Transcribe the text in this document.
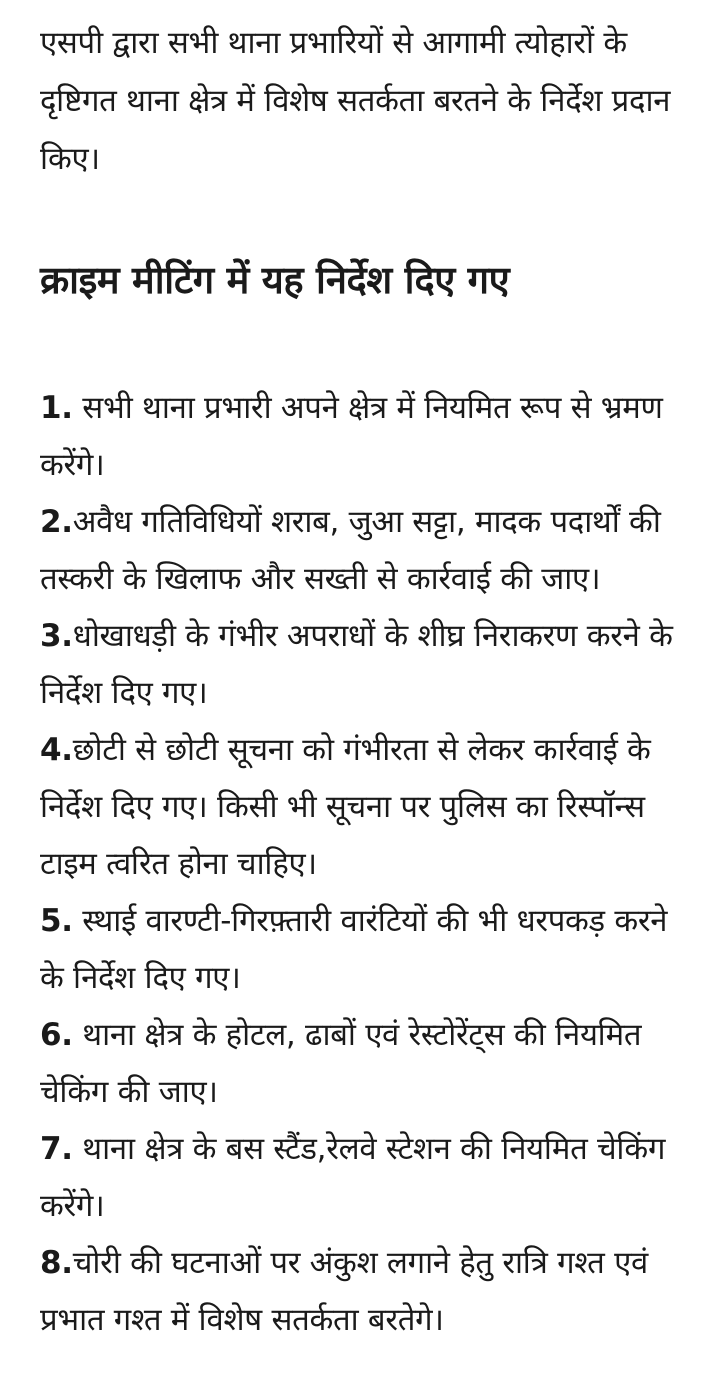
एसपी द्वारा सभी थाना प्रभारियों से आगामी त्योहारों के दृष्टिगत थाना क्षेत्र में विशेष सतर्कता बरतने के निर्देश प्रदान किए।

क्राइम मीटिंग में यह निर्देश दिए गए
1. सभी थाना प्रभारी अपने क्षेत्र में नियमित रूप से भ्रमण करेंगे।
2.अवैध गतिविधियों शराब, जुआ सट्टा, मादक पदार्थों की तस्करी के खिलाफ और सख्ती से कार्रवाई की जाए।
3.धोखाधड़ी के गंभीर अपराधों के शीघ्र निराकरण करने के निर्देश दिए गए।
4.छोटी से छोटी सूचना को गंभीरता से लेकर कार्रवाई के निर्देश दिए गए। किसी भी सूचना पर पुलिस का रिस्पॉन्स टाइम त्वरित होना चाहिए।
5. स्थाई वारण्टी-गिरफ़्तारी वारंटियों की भी धरपकड़ करने के निर्देश दिए गए।
6. थाना क्षेत्र के होटल, ढाबों एवं रेस्टोरेंट्स की नियमित चेकिंग की जाए।
7. थाना क्षेत्र के बस स्टैंड,रेलवे स्टेशन की नियमित चेकिंग करेंगे।
8.चोरी की घटनाओं पर अंकुश लगाने हेतु रात्रि गश्त एवं प्रभात गश्त में विशेष सतर्कता बरतेगे।
